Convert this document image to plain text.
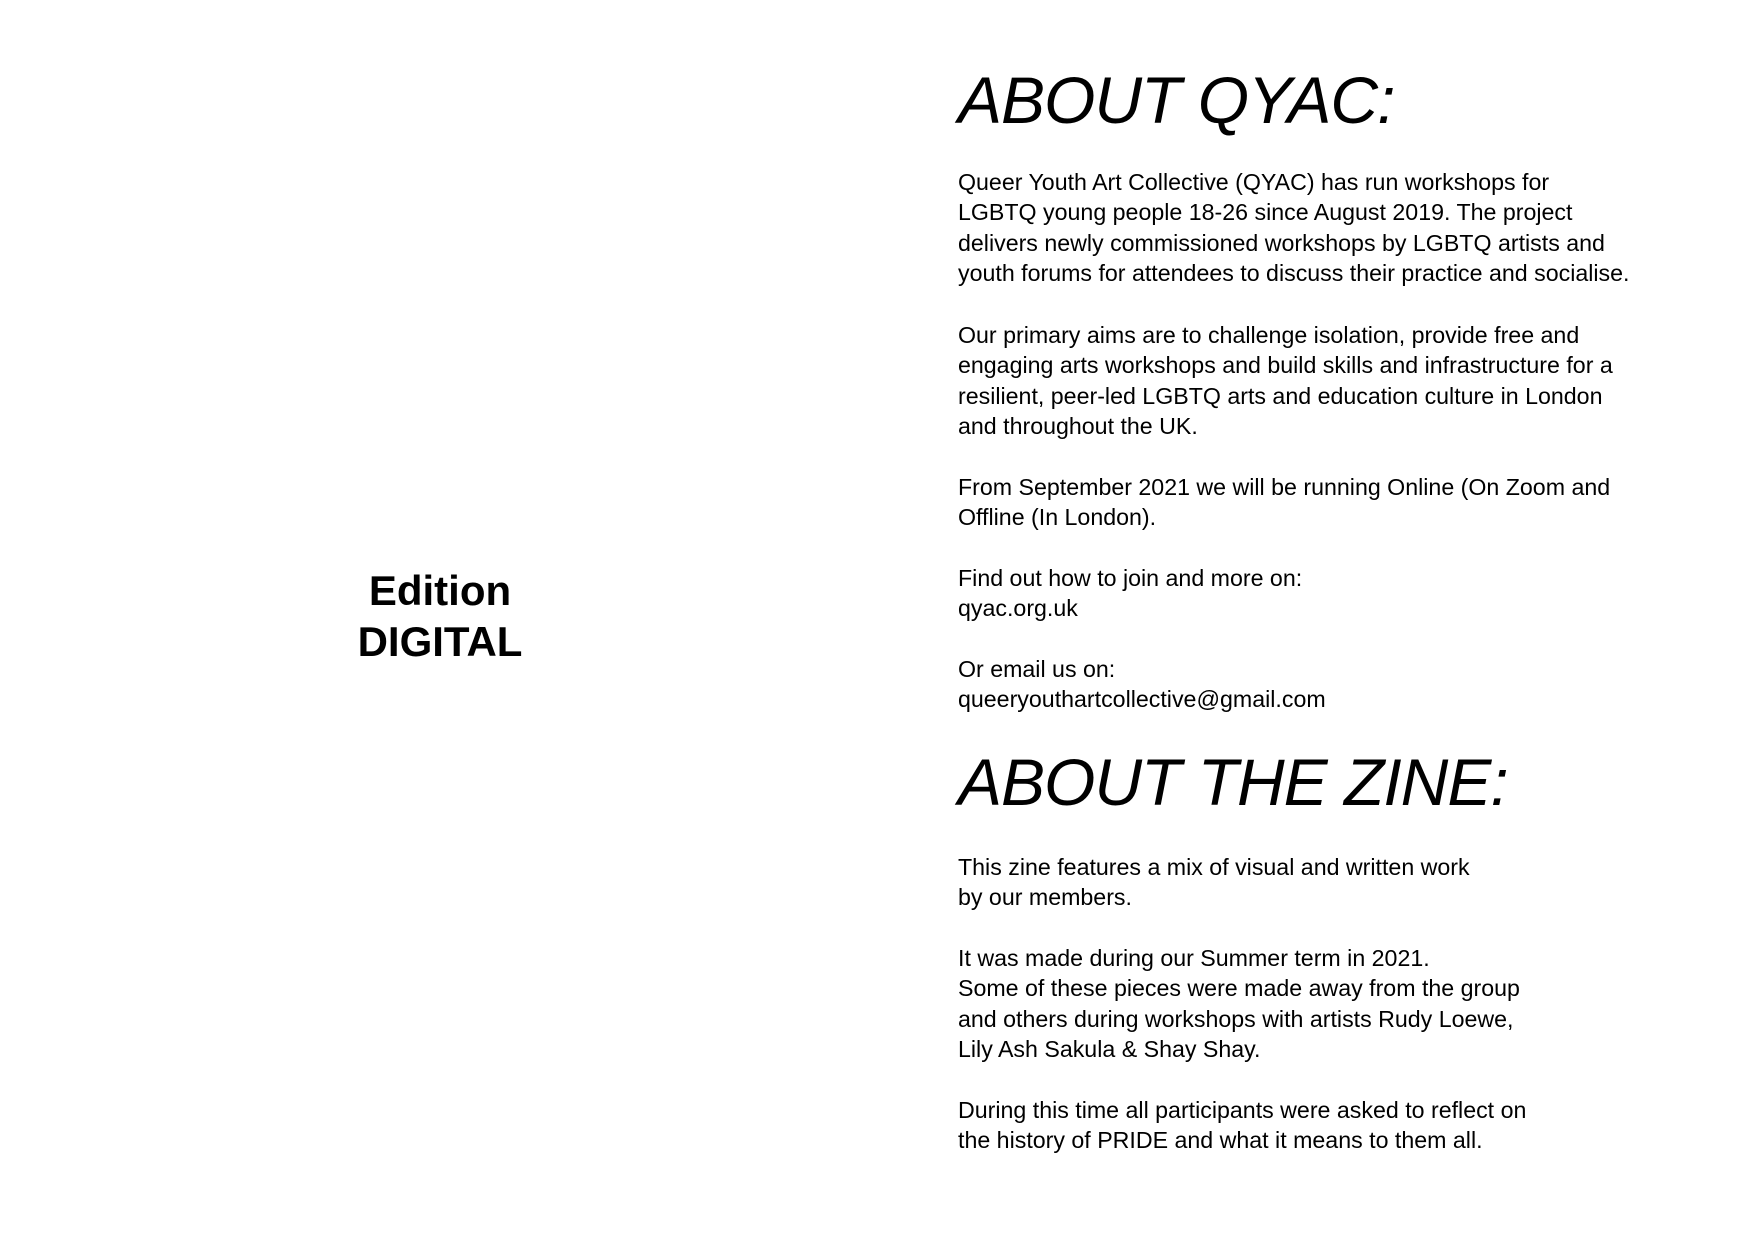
Edition
DIGITAL
ABOUT QYAC:
Queer Youth Art Collective (QYAC) has run workshops for
LGBTQ young people 18-26 since August 2019. The project
delivers newly commissioned workshops by LGBTQ artists and
youth forums for attendees to discuss their practice and socialise.
Our primary aims are to challenge isolation, provide free and
engaging arts workshops and build skills and infrastructure for a
resilient, peer-led LGBTQ arts and education culture in London
and throughout the UK.
From September 2021 we will be running Online (On Zoom and
Offline (In London).
Find out how to join and more on:
qyac.org.uk
Or email us on:
queeryouthartcollective@gmail.com
ABOUT THE ZINE:
This zine features a mix of visual and written work
by our members.
It was made during our Summer term in 2021.
Some of these pieces were made away from the group
and others during workshops with artists Rudy Loewe,
Lily Ash Sakula & Shay Shay.
During this time all participants were asked to reflect on
the history of PRIDE and what it means to them all.
